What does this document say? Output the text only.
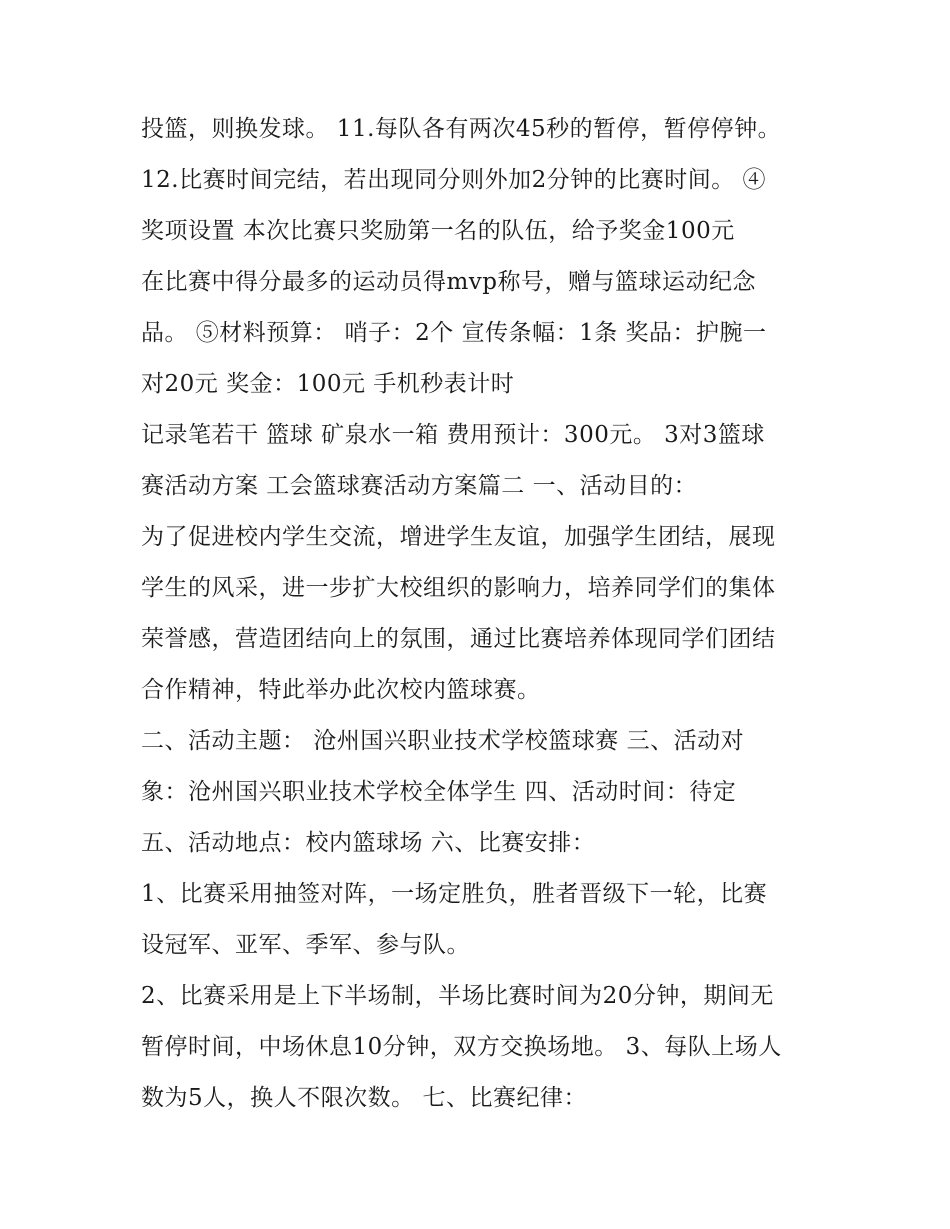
投篮，则换发球。 11.每队各有两次45秒的暂停，暂停停钟。
12.比赛时间完结，若出现同分则外加2分钟的比赛时间。 ④
奖项设置 本次比赛只奖励第一名的队伍，给予奖金100元
在比赛中得分最多的运动员得mvp称号，赠与篮球运动纪念
品。 ⑤材料预算： 哨子：2个 宣传条幅：1条 奖品：护腕一
对20元 奖金：100元 手机秒表计时
记录笔若干 篮球 矿泉水一箱 费用预计：300元。 3对3篮球
赛活动方案 工会篮球赛活动方案篇二 一、活动目的：
为了促进校内学生交流，增进学生友谊，加强学生团结，展现
学生的风采，进一步扩大校组织的影响力，培养同学们的集体
荣誉感，营造团结向上的氛围，通过比赛培养体现同学们团结
合作精神，特此举办此次校内篮球赛。
二、活动主题： 沧州国兴职业技术学校篮球赛 三、活动对
象：沧州国兴职业技术学校全体学生 四、活动时间：待定
五、活动地点：校内篮球场 六、比赛安排：
1、比赛采用抽签对阵，一场定胜负，胜者晋级下一轮，比赛
设冠军、亚军、季军、参与队。
2、比赛采用是上下半场制，半场比赛时间为20分钟，期间无
暂停时间，中场休息10分钟，双方交换场地。 3、每队上场人
数为5人，换人不限次数。 七、比赛纪律：
